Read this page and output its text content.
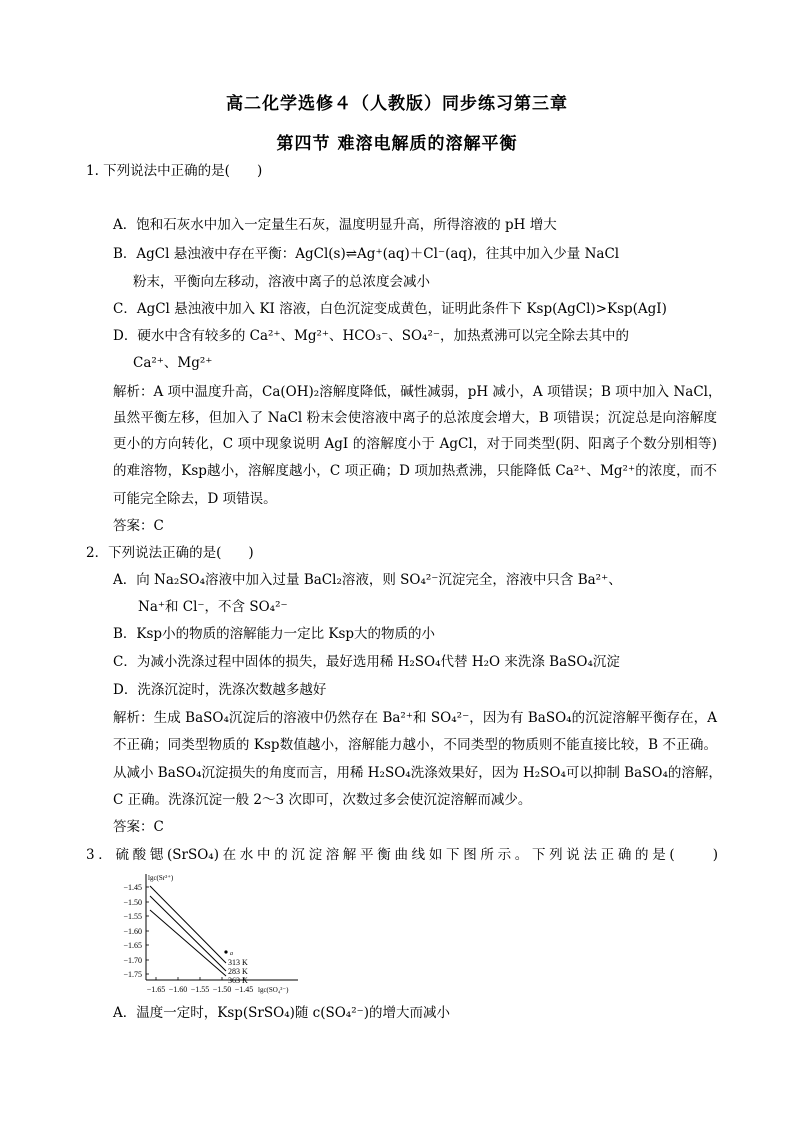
高二化学选修４（人教版）同步练习第三章
第四节 难溶电解质的溶解平衡
1. 下列说法中正确的是(　　)
A．饱和石灰水中加入一定量生石灰，温度明显升高，所得溶液的 pH 增大
B．AgCl 悬浊液中存在平衡：AgCl(s)⇌Ag⁺(aq)＋Cl⁻(aq)，往其中加入少量 NaCl
粉末，平衡向左移动，溶液中离子的总浓度会减小
C．AgCl 悬浊液中加入 KI 溶液，白色沉淀变成黄色，证明此条件下 Ksp(AgCl)>Ksp(AgI)
D．硬水中含有较多的 Ca²⁺、Mg²⁺、HCO₃⁻、SO₄²⁻，加热煮沸可以完全除去其中的
Ca²⁺、Mg²⁺
解析：A 项中温度升高，Ca(OH)₂溶解度降低，碱性减弱，pH 减小，A 项错误；B 项中加入 NaCl，
虽然平衡左移，但加入了 NaCl 粉末会使溶液中离子的总浓度会增大，B 项错误；沉淀总是向溶解度
更小的方向转化，C 项中现象说明 AgI 的溶解度小于 AgCl，对于同类型(阴、阳离子个数分别相等)
的难溶物，Ksp越小，溶解度越小，C 项正确；D 项加热煮沸，只能降低 Ca²⁺、Mg²⁺的浓度，而不
可能完全除去，D 项错误。
答案：C
2．下列说法正确的是(　　)
A．向 Na₂SO₄溶液中加入过量 BaCl₂溶液，则 SO₄²⁻沉淀完全，溶液中只含 Ba²⁺、
Na⁺和 Cl⁻，不含 SO₄²⁻
B．Ksp小的物质的溶解能力一定比 Ksp大的物质的小
C．为减小洗涤过程中固体的损失，最好选用稀 H₂SO₄代替 H₂O 来洗涤 BaSO₄沉淀
D．洗涤沉淀时，洗涤次数越多越好
解析：生成 BaSO₄沉淀后的溶液中仍然存在 Ba²⁺和 SO₄²⁻，因为有 BaSO₄的沉淀溶解平衡存在，A
不正确；同类型物质的 Ksp数值越小，溶解能力越小，不同类型的物质则不能直接比较，B 不正确。
从减小 BaSO₄沉淀损失的角度而言，用稀 H₂SO₄洗涤效果好，因为 H₂SO₄可以抑制 BaSO₄的溶解，
C 正确。洗涤沉淀一般 2～3 次即可，次数过多会使沉淀溶解而减少。
答案：C
3．硫酸锶(SrSO₄)在水中的沉淀溶解平衡曲线如下图所示。下列说法正确的是(　　)
lgc(Sr²⁺)
lgc(SO₄²⁻)
−1.45
−1.50
−1.55
−1.60
−1.65
−1.70
−1.75
−1.65 −1.60 −1.55 −1.50 −1.45
313 K
283 K
363 K
a
A．温度一定时，Ksp(SrSO₄)随 c(SO₄²⁻)的增大而减小
